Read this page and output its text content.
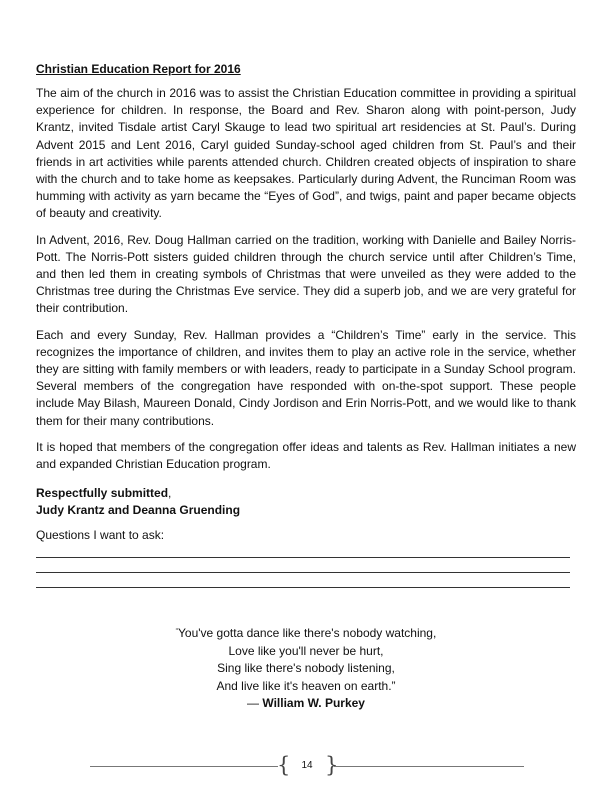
Christian Education Report for 2016

The aim of the church in 2016 was to assist the Christian Education committee in providing a spiritual experience for children. In response, the Board and Rev. Sharon along with point-person, Judy Krantz, invited Tisdale artist Caryl Skauge to lead two spiritual art residencies at St. Paul’s. During Advent 2015 and Lent 2016, Caryl guided Sunday-school aged children from St. Paul’s and their friends in art activities while parents attended church. Children created objects of inspiration to share with the church and to take home as keepsakes. Particularly during Advent, the Runciman Room was humming with activity as yarn became the “Eyes of God”, and twigs, paint and paper became objects of beauty and creativity.

In Advent, 2016, Rev. Doug Hallman carried on the tradition, working with Danielle and Bailey Norris-Pott. The Norris-Pott sisters guided children through the church service until after Children’s Time, and then led them in creating symbols of Christmas that were unveiled as they were added to the Christmas tree during the Christmas Eve service. They did a superb job, and we are very grateful for their contribution.

Each and every Sunday, Rev. Hallman provides a “Children’s Time” early in the service. This recognizes the importance of children, and invites them to play an active role in the service, whether they are sitting with family members or with leaders, ready to participate in a Sunday School program. Several members of the congregation have responded with on-the-spot support. These people include May Bilash, Maureen Donald, Cindy Jordison and Erin Norris-Pott, and we would like to thank them for their many contributions.

It is hoped that members of the congregation offer ideas and talents as Rev. Hallman initiates a new and expanded Christian Education program.

Respectfully submitted,
Judy Krantz and Deanna Gruending

Questions I want to ask:

“You've gotta dance like there's nobody watching,
Love like you'll never be hurt,
Sing like there's nobody listening,
And live like it's heaven on earth.”
— William W. Purkey
{	14 }
